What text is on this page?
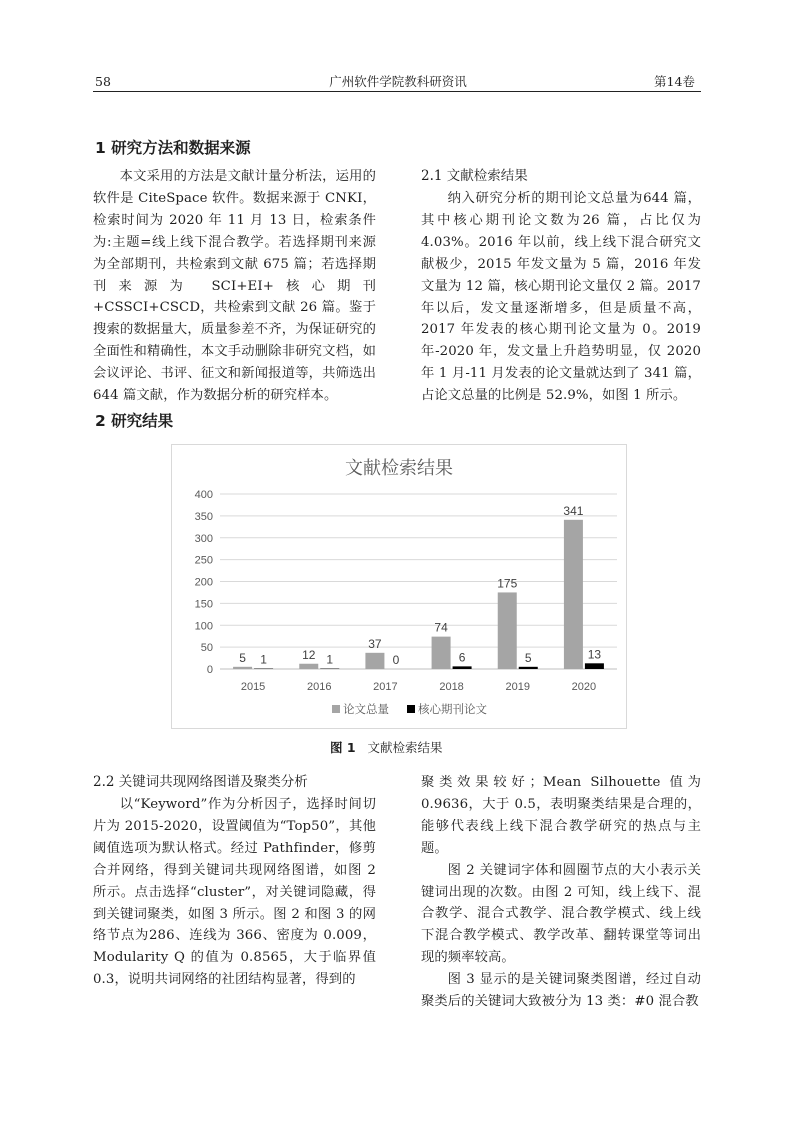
58	广州软件学院教科研资讯	第14卷
1 研究方法和数据来源

本文采用的方法是文献计量分析法，运用的软件是 CiteSpace 软件。数据来源于 CNKI，检索时间为 2020 年 11 月 13 日，检索条件为:主题=线上线下混合教学。若选择期刊来源为全部期刊，共检索到文献 675 篇；若选择期刊来源为 SCI+EI+核心期刊+CSSCI+CSCD，共检索到文献 26 篇。鉴于搜索的数据量大，质量参差不齐，为保证研究的全面性和精确性，本文手动删除非研究文档，如会议评论、书评、征文和新闻报道等，共筛选出 644 篇文献，作为数据分析的研究样本。

2.1 文献检索结果

纳入研究分析的期刊论文总量为644 篇，其中核心期刊论文数为26 篇，占比仅为4.03%。2016 年以前，线上线下混合研究文献极少，2015 年发文量为 5 篇，2016 年发文量为 12 篇，核心期刊论文量仅 2 篇。2017 年以后，发文量逐渐增多，但是质量不高，2017 年发表的核心期刊论文量为 0。2019 年-2020 年，发文量上升趋势明显，仅 2020 年 1 月-11 月发表的论文量就达到了 341 篇，占论文总量的比例是 52.9%，如图 1 所示。

2 研究结果
文献检索结果
0
50
100
150
200
250
300
350
400
5 1	12 1
37
0
74
6
175
5
341
13
2015	2016	2017	2018	2019	2020
论文总量	核心期刊论文
图 1 文献检索结果
2.2 关键词共现网络图谱及聚类分析

以“Keyword”作为分析因子，选择时间切片为 2015-2020，设置阈值为“Top50”，其他阈值选项为默认格式。经过 Pathfinder，修剪合并网络，得到关键词共现网络图谱，如图 2 所示。点击选择“cluster”，对关键词隐藏，得到关键词聚类，如图 3 所示。图 2 和图 3 的网络节点为286、连线为 366、密度为 0.009，Modularity Q 的值为 0.8565，大于临界值 0.3，说明共词网络的社团结构显著，得到的

聚类效果较好；Mean Silhouette 值为 0.9636，大于 0.5，表明聚类结果是合理的，能够代表线上线下混合教学研究的热点与主题。

图 2 关键词字体和圆圈节点的大小表示关键词出现的次数。由图 2 可知，线上线下、混合教学、混合式教学、混合教学模式、线上线下混合教学模式、教学改革、翻转课堂等词出现的频率较高。

图 3 显示的是关键词聚类图谱，经过自动聚类后的关键词大致被分为 13 类：#0 混合教
